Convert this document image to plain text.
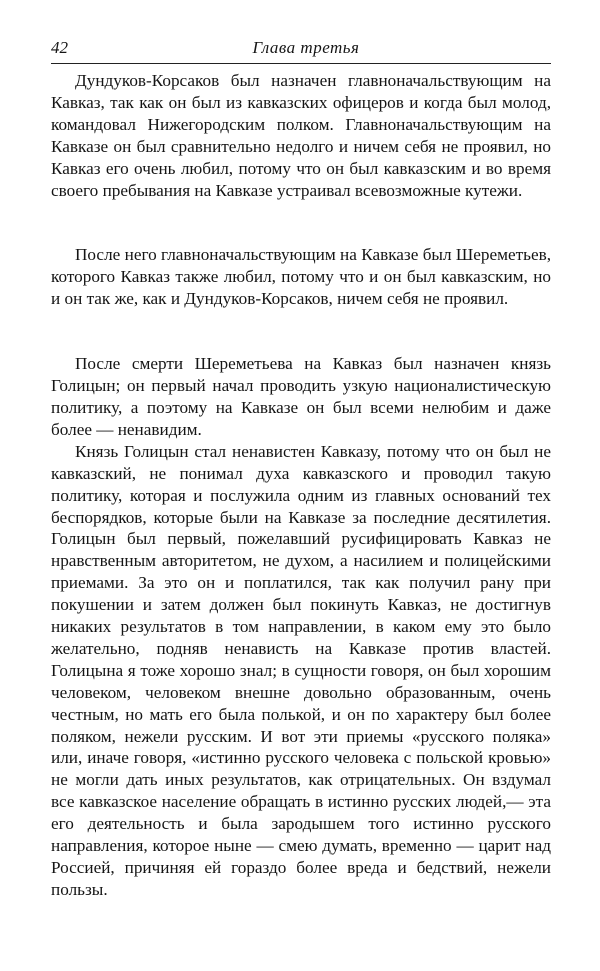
42	Глава третья

Дундуков-Корсаков был назначен главноначальствующим на Кавказ, так как он был из кавказских офицеров и когда был молод, командовал Нижегородским полком. Главноначальствующим на Кавказе он был сравнительно недолго и ничем себя не проявил, но Кавказ его очень любил, потому что он был кавказским и во время своего пребывания на Кавказе устраивал всевозможные кутежи.

После него главноначальствующим на Кавказе был Шереметьев, которого Кавказ также любил, потому что и он был кавказским, но и он так же, как и Дундуков-Корсаков, ничем себя не проявил.

После смерти Шереметьева на Кавказ был назначен князь Голицын; он первый начал проводить узкую националистическую политику, а поэтому на Кавказе он был всеми нелюбим и даже более — ненавидим.

Князь Голицын стал ненавистен Кавказу, потому что он был не кавказский, не понимал духа кавказского и проводил такую политику, которая и послужила одним из главных оснований тех беспорядков, которые были на Кавказе за последние десятилетия. Голицын был первый, пожелавший русифицировать Кавказ не нравственным авторитетом, не духом, а насилием и полицейскими приемами. За это он и поплатился, так как получил рану при покушении и затем должен был покинуть Кавказ, не достигнув никаких результатов в том направлении, в каком ему это было желательно, подняв ненависть на Кавказе против властей. Голицына я тоже хорошо знал; в сущности говоря, он был хорошим человеком, человеком внешне довольно образованным, очень честным, но мать его была полькой, и он по характеру был более поляком, нежели русским. И вот эти приемы «русского поляка» или, иначе говоря, «истинно русского человека с польской кровью» не могли дать иных результатов, как отрицательных. Он вздумал все кавказское население обращать в истинно русских людей,— эта его деятельность и была зародышем того истинно русского направления, которое ныне — смею думать, временно — царит над Россией, причиняя ей гораздо более вреда и бедствий, нежели пользы.
